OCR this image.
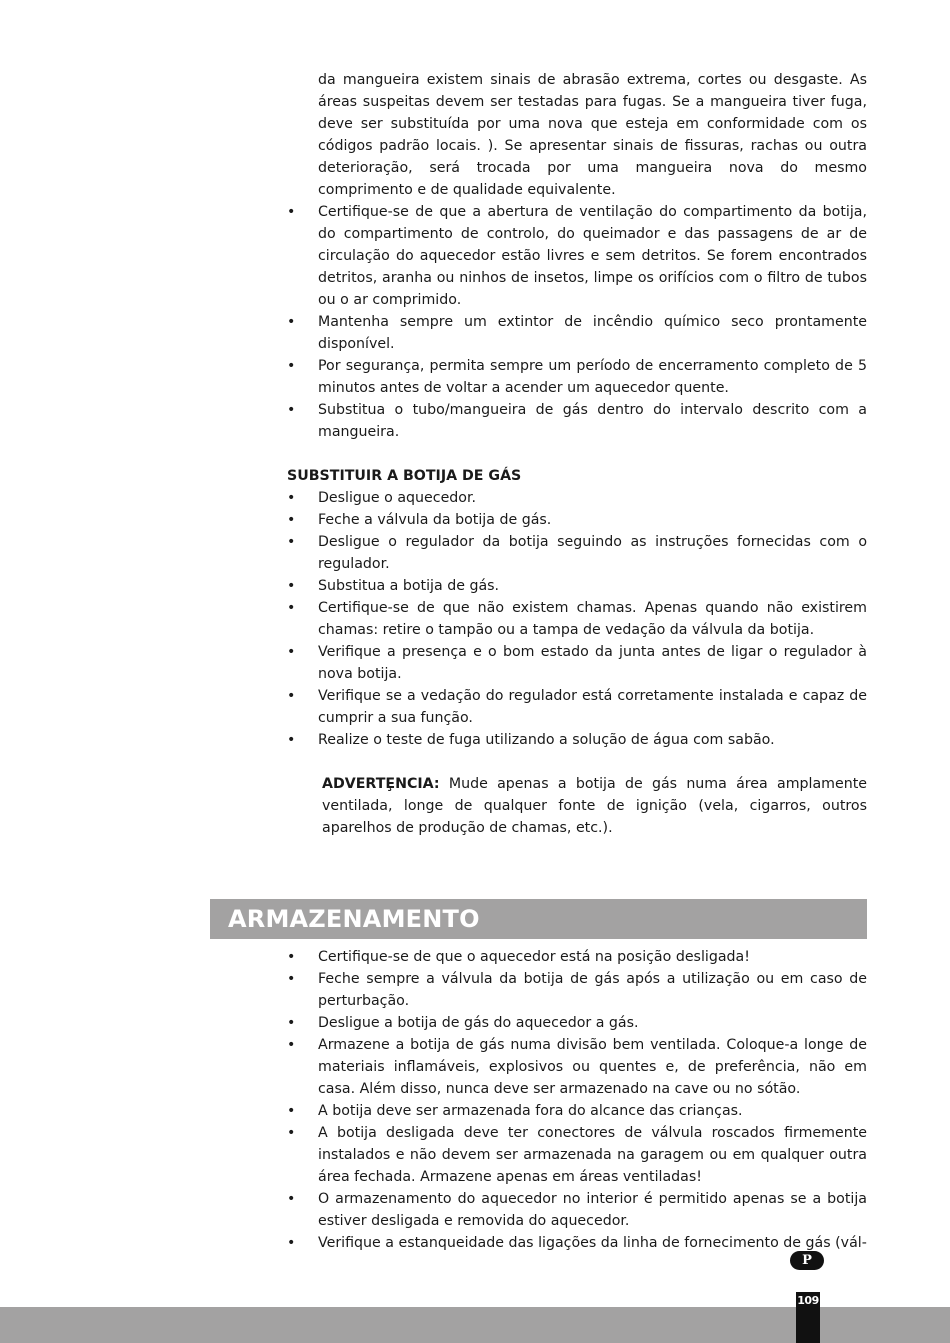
da mangueira existem sinais de abrasão extrema, cortes ou desgaste. As áreas suspeitas devem ser testadas para fugas. Se a mangueira tiver fuga, deve ser substituída por uma nova que esteja em conformidade com os códigos padrão locais. ). Se apresentar sinais de fissuras, rachas ou outra deterioração, será trocada por uma mangueira nova do mesmo comprimento e de qualidade equivalente.

• Certifique-se de que a abertura de ventilação do compartimento da botija, do compartimento de controlo, do queimador e das passagens de ar de circulação do aquecedor estão livres e sem detritos. Se forem encontrados detritos, aranha ou ninhos de insetos, limpe os orifícios com o filtro de tubos ou o ar comprimido.
• Mantenha sempre um extintor de incêndio químico seco prontamente disponível.
• Por segurança, permita sempre um período de encerramento completo de 5 minutos antes de voltar a acender um aquecedor quente.
• Substitua o tubo/mangueira de gás dentro do intervalo descrito com a mangueira.

SUBSTITUIR A BOTIJA DE GÁS

• Desligue o aquecedor.
• Feche a válvula da botija de gás.
• Desligue o regulador da botija seguindo as instruções fornecidas com o regulador.
• Substitua a botija de gás.
• Certifique-se de que não existem chamas. Apenas quando não existirem chamas: retire o tampão ou a tampa de vedação da válvula da botija.
• Verifique a presença e o bom estado da junta antes de ligar o regulador à nova botija.
• Verifique se a vedação do regulador está corretamente instalada e capaz de cumprir a sua função.
• Realize o teste de fuga utilizando a solução de água com sabão.

ADVERTȨNCIA: Mude apenas a botija de gás numa área amplamente ventilada, longe de qualquer fonte de ignição (vela, cigarros, outros aparelhos de produção de chamas, etc.).

ARMAZENAMENTO
• Certifique-se de que o aquecedor está na posição desligada!
• Feche sempre a válvula da botija de gás após a utilização ou em caso de perturbação.
• Desligue a botija de gás do aquecedor a gás.
• Armazene a botija de gás numa divisão bem ventilada. Coloque-a longe de materiais inflamáveis, explosivos ou quentes e, de preferência, não em casa. Além disso, nunca deve ser armazenado na cave ou no sótão.
• A botija deve ser armazenada fora do alcance das crianças.
• A botija desligada deve ter conectores de válvula roscados firmemente instalados e não devem ser armazenada na garagem ou em qualquer outra área fechada. Armazene apenas em áreas ventiladas!
• O armazenamento do aquecedor no interior é permitido apenas se a botija estiver desligada e removida do aquecedor.
• Verifique a estanqueidade das ligações da linha de fornecimento de gás (vál-
P
109
